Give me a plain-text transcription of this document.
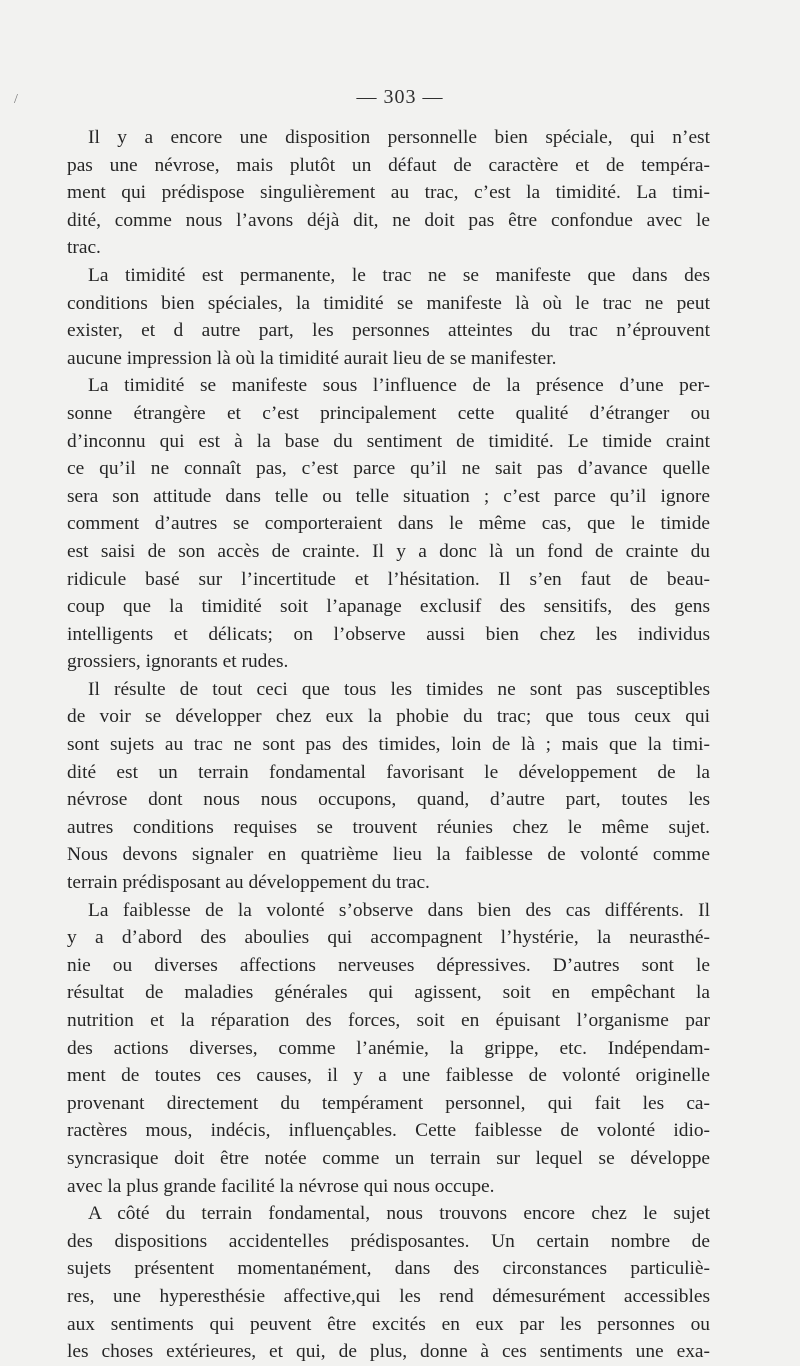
/	— 303 —
Il y a encore une disposition personnelle bien spéciale, qui n’est
pas une névrose, mais plutôt un défaut de caractère et de tempéra-
ment qui prédispose singulièrement au trac, c’est la timidité. La timi-
dité, comme nous l’avons déjà dit, ne doit pas être confondue avec le
trac.
La timidité est permanente, le trac ne se manifeste que dans des
conditions bien spéciales, la timidité se manifeste là où le trac ne peut
exister, et d autre part, les personnes atteintes du trac n’éprouvent
aucune impression là où la timidité aurait lieu de se manifester.
La timidité se manifeste sous l’influence de la présence d’une per-
sonne étrangère et c’est principalement cette qualité d’étranger ou
d’inconnu qui est à la base du sentiment de timidité. Le timide craint
ce qu’il ne connaît pas, c’est parce qu’il ne sait pas d’avance quelle
sera son attitude dans telle ou telle situation ; c’est parce qu’il ignore
comment d’autres se comporteraient dans le même cas, que le timide
est saisi de son accès de crainte. Il y a donc là un fond de crainte du
ridicule basé sur l’incertitude et l’hésitation. Il s’en faut de beau-
coup que la timidité soit l’apanage exclusif des sensitifs, des gens
intelligents et délicats; on l’observe aussi bien chez les individus
grossiers, ignorants et rudes.
Il résulte de tout ceci que tous les timides ne sont pas susceptibles
de voir se développer chez eux la phobie du trac; que tous ceux qui
sont sujets au trac ne sont pas des timides, loin de là ; mais que la timi-
dité est un terrain fondamental favorisant le développement de la
névrose dont nous nous occupons, quand, d’autre part, toutes les
autres conditions requises se trouvent réunies chez le même sujet.
Nous devons signaler en quatrième lieu la faiblesse de volonté comme
terrain prédisposant au développement du trac.
La faiblesse de la volonté s’observe dans bien des cas différents. Il
y a d’abord des aboulies qui accompagnent l’hystérie, la neurasthé-
nie ou diverses affections nerveuses dépressives. D’autres sont le
résultat de maladies générales qui agissent, soit en empêchant la
nutrition et la réparation des forces, soit en épuisant l’organisme par
des actions diverses, comme l’anémie, la grippe, etc. Indépendam-
ment de toutes ces causes, il y a une faiblesse de volonté originelle
provenant directement du tempérament personnel, qui fait les ca-
ractères mous, indécis, influençables. Cette faiblesse de volonté idio-
syncrasique doit être notée comme un terrain sur lequel se développe
avec la plus grande facilité la névrose qui nous occupe.
A côté du terrain fondamental, nous trouvons encore chez le sujet
des dispositions accidentelles prédisposantes. Un certain nombre de
sujets présentent momentanément, dans des circonstances particuliè-
res, une hyperesthésie affective,qui les rend démesurément accessibles
aux sentiments qui peuvent être excités en eux par les personnes ou
les choses extérieures, et qui, de plus, donne à ces sentiments une exa-
